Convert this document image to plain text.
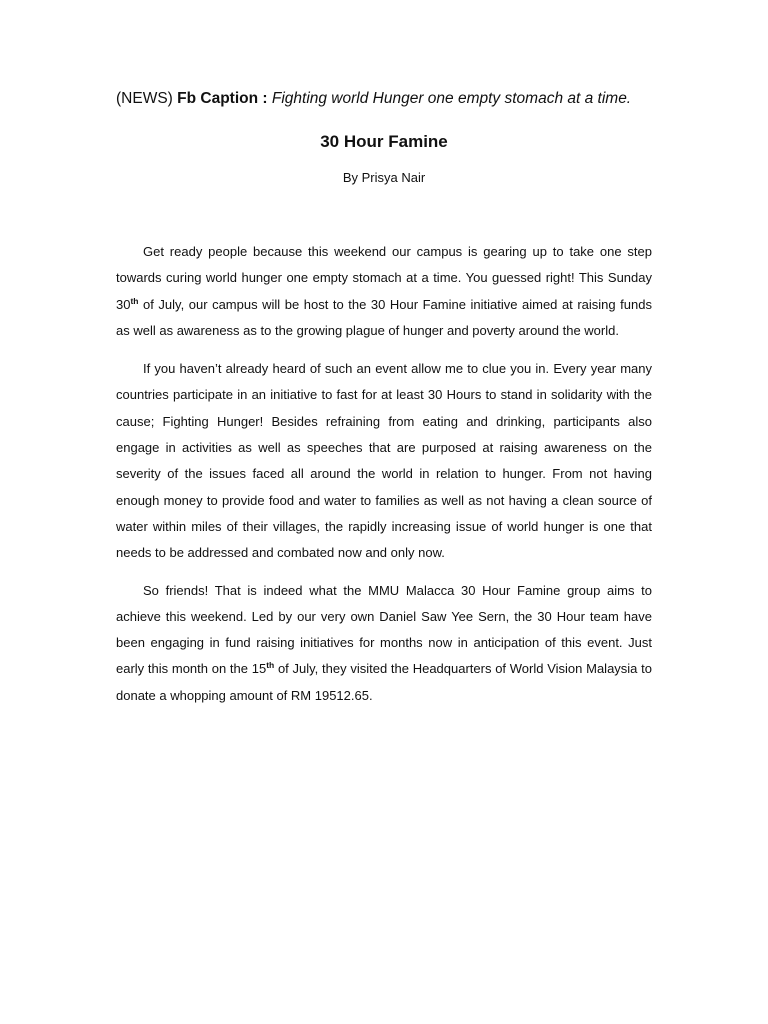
(NEWS) Fb Caption : Fighting world Hunger one empty stomach at a time.

30 Hour Famine

By Prisya Nair

Get ready people because this weekend our campus is gearing up to take one step towards curing world hunger one empty stomach at a time. You guessed right! This Sunday 30th of July, our campus will be host to the 30 Hour Famine initiative aimed at raising funds as well as awareness as to the growing plague of hunger and poverty around the world.

If you haven’t already heard of such an event allow me to clue you in. Every year many countries participate in an initiative to fast for at least 30 Hours to stand in solidarity with the cause; Fighting Hunger! Besides refraining from eating and drinking, participants also engage in activities as well as speeches that are purposed at raising awareness on the severity of the issues faced all around the world in relation to hunger. From not having enough money to provide food and water to families as well as not having a clean source of water within miles of their villages, the rapidly increasing issue of world hunger is one that needs to be addressed and combated now and only now.

So friends! That is indeed what the MMU Malacca 30 Hour Famine group aims to achieve this weekend. Led by our very own Daniel Saw Yee Sern, the 30 Hour team have been engaging in fund raising initiatives for months now in anticipation of this event. Just early this month on the 15th of July, they visited the Headquarters of World Vision Malaysia to donate a whopping amount of RM 19512.65.
